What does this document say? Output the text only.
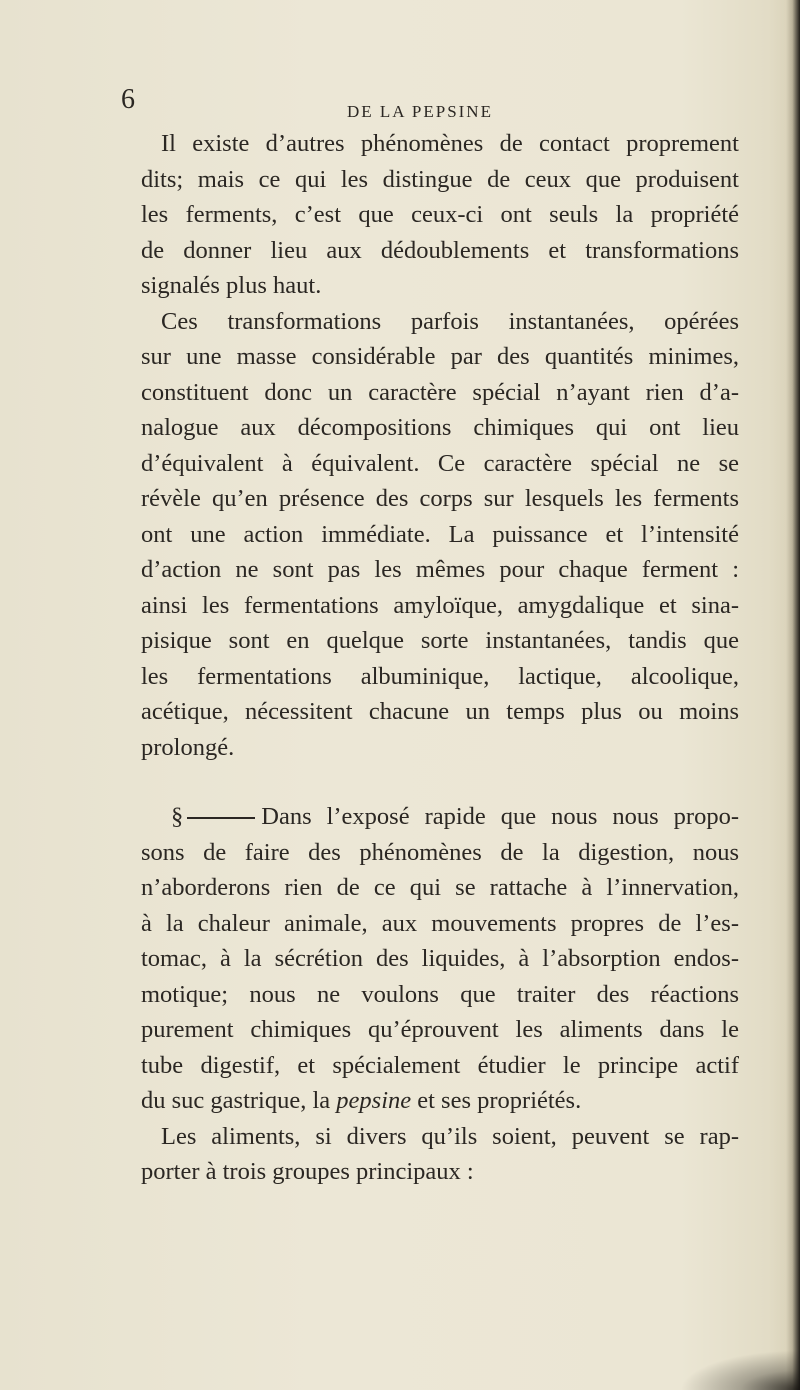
6	DE LA PEPSINE
Il existe d’autres phénomènes de contact proprement
dits; mais ce qui les distingue de ceux que produisent
les ferments, c’est que ceux-ci ont seuls la propriété
de donner lieu aux dédoublements et transformations
signalés plus haut.
Ces transformations parfois instantanées, opérées
sur une masse considérable par des quantités minimes,
constituent donc un caractère spécial n’ayant rien d’a-
nalogue aux décompositions chimiques qui ont lieu
d’équivalent à équivalent. Ce caractère spécial ne se
révèle qu’en présence des corps sur lesquels les ferments
ont une action immédiate. La puissance et l’intensité
d’action ne sont pas les mêmes pour chaque ferment :
ainsi les fermentations amyloïque, amygdalique et sina-
pisique sont en quelque sorte instantanées, tandis que
les fermentations albuminique, lactique, alcoolique,
acétique, nécessitent chacune un temps plus ou moins
prolongé.
§	Dans l’exposé rapide que nous nous propo-
sons de faire des phénomènes de la digestion, nous
n’aborderons rien de ce qui se rattache à l’innervation,
à la chaleur animale, aux mouvements propres de l’es-
tomac, à la sécrétion des liquides, à l’absorption endos-
motique; nous ne voulons que traiter des réactions
purement chimiques qu’éprouvent les aliments dans le
tube digestif, et spécialement étudier le principe actif
du suc gastrique, la pepsine et ses propriétés.
Les aliments, si divers qu’ils soient, peuvent se rap-
porter à trois groupes principaux :
